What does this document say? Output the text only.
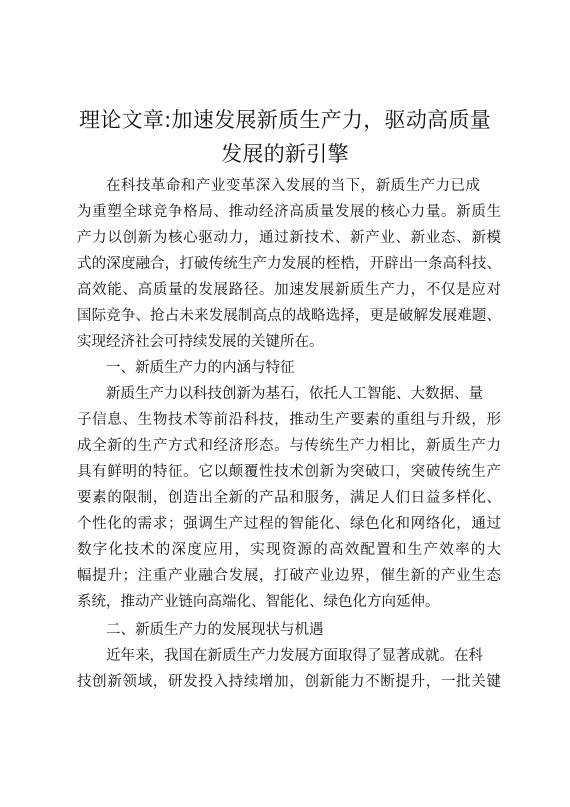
理论文章:加速发展新质生产力，驱动高质量
发展的新引擎
在科技革命和产业变革深入发展的当下，新质生产力已成
为重塑全球竞争格局、推动经济高质量发展的核心力量。新质生
产力以创新为核心驱动力，通过新技术、新产业、新业态、新模
式的深度融合，打破传统生产力发展的桎梏，开辟出一条高科技、
高效能、高质量的发展路径。加速发展新质生产力，不仅是应对
国际竞争、抢占未来发展制高点的战略选择，更是破解发展难题、
实现经济社会可持续发展的关键所在。
一、新质生产力的内涵与特征
新质生产力以科技创新为基石，依托人工智能、大数据、量
子信息、生物技术等前沿科技，推动生产要素的重组与升级，形
成全新的生产方式和经济形态。与传统生产力相比，新质生产力
具有鲜明的特征。它以颠覆性技术创新为突破口，突破传统生产
要素的限制，创造出全新的产品和服务，满足人们日益多样化、
个性化的需求；强调生产过程的智能化、绿色化和网络化，通过
数字化技术的深度应用，实现资源的高效配置和生产效率的大
幅提升；注重产业融合发展，打破产业边界，催生新的产业生态
系统，推动产业链向高端化、智能化、绿色化方向延伸。
二、新质生产力的发展现状与机遇
近年来，我国在新质生产力发展方面取得了显著成就。在科
技创新领域，研发投入持续增加，创新能力不断提升，一批关键
